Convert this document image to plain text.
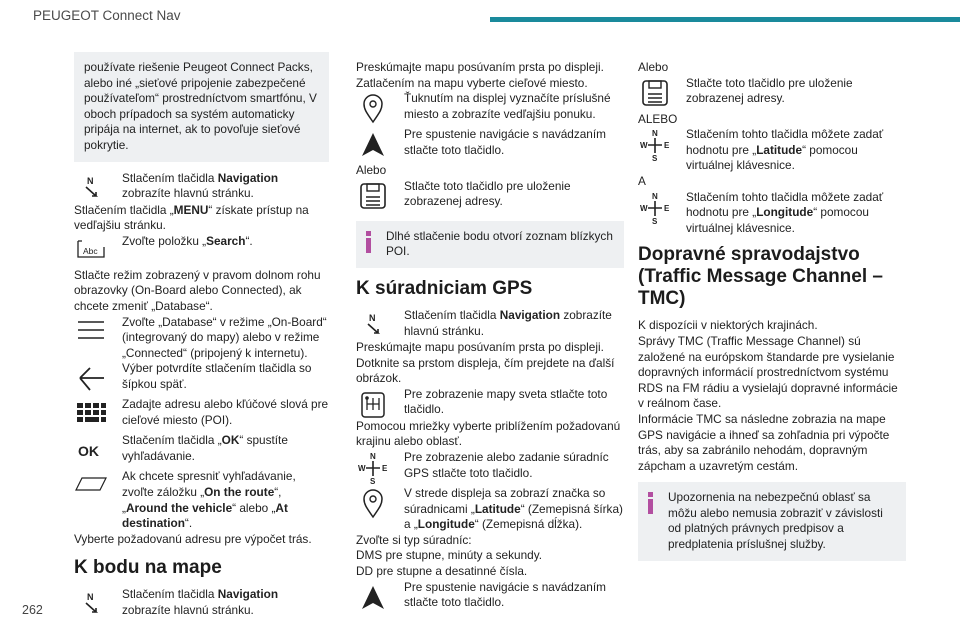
PEUGEOT Connect Nav
262

používate riešenie Peugeot Connect Packs, alebo iné „sieťové pripojenie zabezpečené používateľom“ prostredníctvom smartfónu, V oboch prípadoch sa systém automaticky pripája na internet, ak to povoľuje sieťové pokrytie.

N Stlačením tlačidla Navigation zobrazíte hlavnú stránku.

Stlačením tlačidla „MENU“ získate prístup na vedľajšiu stránku.

Abc
Zvoľte položku „Search“.

Stlačte režim zobrazený v pravom dolnom rohu obrazovky (On-Board alebo Connected), ak chcete zmeniť „Database“.

Zvoľte „Database“ v režime „On-Board“ (integrovaný do mapy) alebo v režime „Connected“ (pripojený k internetu).
Výber potvrdíte stlačením tlačidla so šípkou späť.
Zadajte adresu alebo kľúčové slová pre cieľové miesto (POI).
OK
Stlačením tlačidla „OK“ spustíte vyhľadávanie.
Ak chcete spresniť vyhľadávanie, zvoľte záložku „On the route“, „Around the vehicle“ alebo „At destination“.

Vyberte požadovanú adresu pre výpočet trás.

K bodu na mape
N Stlačením tlačidla Navigation zobrazíte hlavnú stránku.

Preskúmajte mapu posúvaním prsta po displeji. Zatlačením na mapu vyberte cieľové miesto.

Ťuknutím na displej vyznačíte príslušné miesto a zobrazíte vedľajšiu ponuku.
Pre spustenie navigácie s navádzaním stlačte toto tlačidlo.

Alebo

Stlačte toto tlačidlo pre uloženie zobrazenej adresy.

Dlhé stlačenie bodu otvorí zoznam blízkych POI.

K súradniciam GPS
N Stlačením tlačidla Navigation zobrazíte hlavnú stránku.

Preskúmajte mapu posúvaním prsta po displeji. Dotknite sa prstom displeja, čím prejdete na ďalší obrázok.

Pre zobrazenie mapy sveta stlačte toto tlačidlo.

Pomocou mriežky vyberte priblížením požadovanú krajinu alebo oblasť.

N
S
W E
Pre zobrazenie alebo zadanie súradníc GPS stlačte toto tlačidlo.
V strede displeja sa zobrazí značka so súradnicami „Latitude“ (Zemepisná šírka) a „Longitude“ (Zemepisná dĺžka).

Zvoľte si typ súradníc:

DMS pre stupne, minúty a sekundy.

DD pre stupne a desatinné čísla.

Pre spustenie navigácie s navádzaním stlačte toto tlačidlo.

Alebo

Stlačte toto tlačidlo pre uloženie zobrazenej adresy.

ALEBO

N
S
W E
Stlačením tohto tlačidla môžete zadať hodnotu pre „Latitude“ pomocou virtuálnej klávesnice.

A

N
S
W E
Stlačením tohto tlačidla môžete zadať hodnotu pre „Longitude“ pomocou virtuálnej klávesnice.
Dopravné spravodajstvo (Traffic Message Channel – TMC)

K dispozícii v niektorých krajinách.

Správy TMC (Traffic Message Channel) sú založené na európskom štandarde pre vysielanie dopravných informácií prostredníctvom systému RDS na FM rádiu a vysielajú dopravné informácie v reálnom čase.

Informácie TMC sa následne zobrazia na mape GPS navigácie a ihneď sa zohľadnia pri výpočte trás, aby sa zabránilo nehodám, dopravným zápcham a uzavretým cestám.

Upozornenia na nebezpečnú oblasť sa môžu alebo nemusia zobraziť v závislosti od platných právnych predpisov a predplatenia príslušnej služby.
